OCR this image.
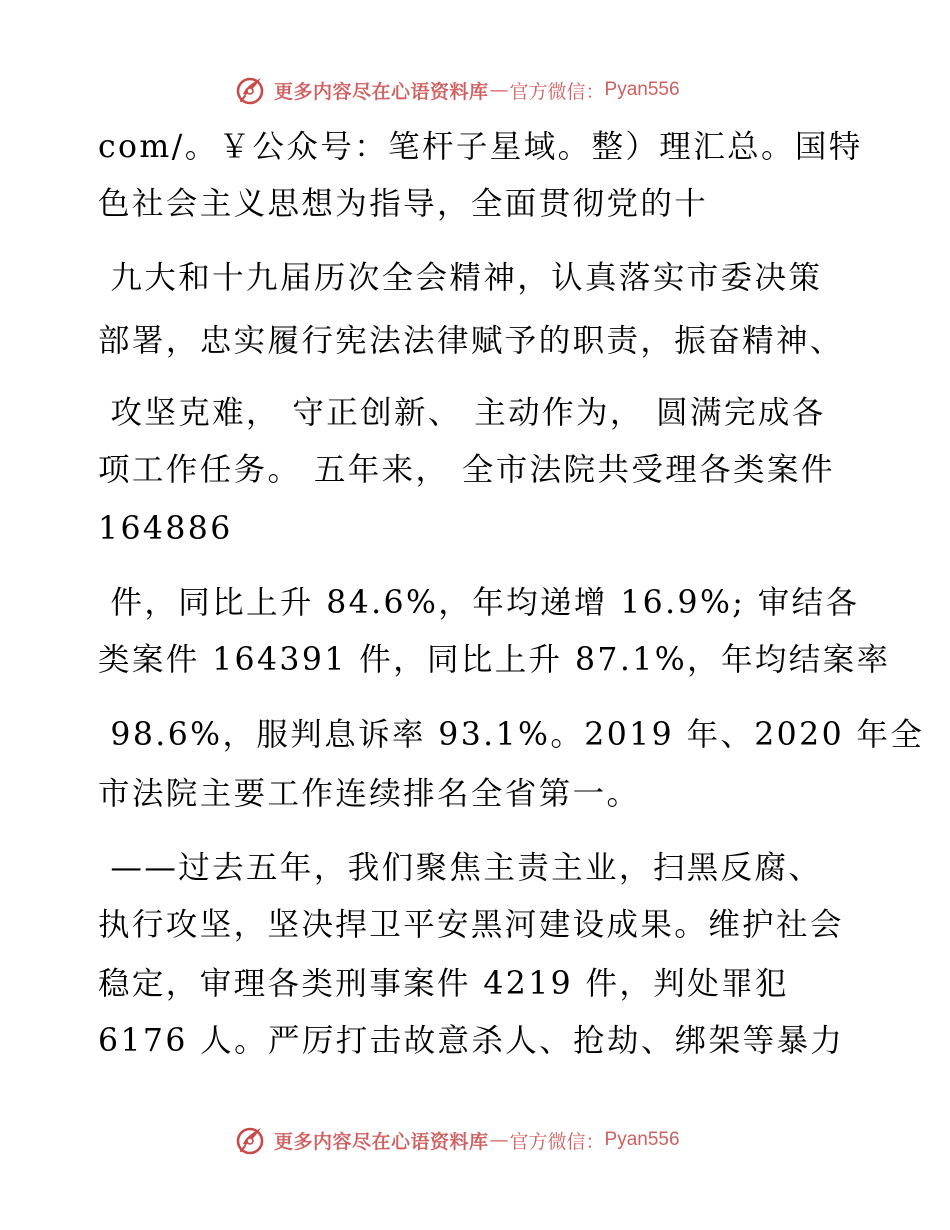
更多内容尽在心语资料库 — 官方微信： Pyan556
com/。￥公众号：笔杆子星域。整）理汇总。国特
色社会主义思想为指导，全面贯彻党的十
九大和十九届历次全会精神，认真落实市委决策
部署，忠实履行宪法法律赋予的职责，振奋精神、
攻坚克难， 守正创新、 主动作为， 圆满完成各
项工作任务。 五年来， 全市法院共受理各类案件
164886
件，同比上升 84.6%，年均递增 16.9%; 审结各
类案件 164391 件，同比上升 87.1%，年均结案率
98.6%，服判息诉率 93.1%。2019 年、2020 年全
市法院主要工作连续排名全省第一。
——过去五年，我们聚焦主责主业，扫黑反腐、
执行攻坚，坚决捍卫平安黑河建设成果。维护社会
稳定，审理各类刑事案件 4219 件，判处罪犯
6176 人。严厉打击故意杀人、抢劫、绑架等暴力
更多内容尽在心语资料库 — 官方微信： Pyan556
